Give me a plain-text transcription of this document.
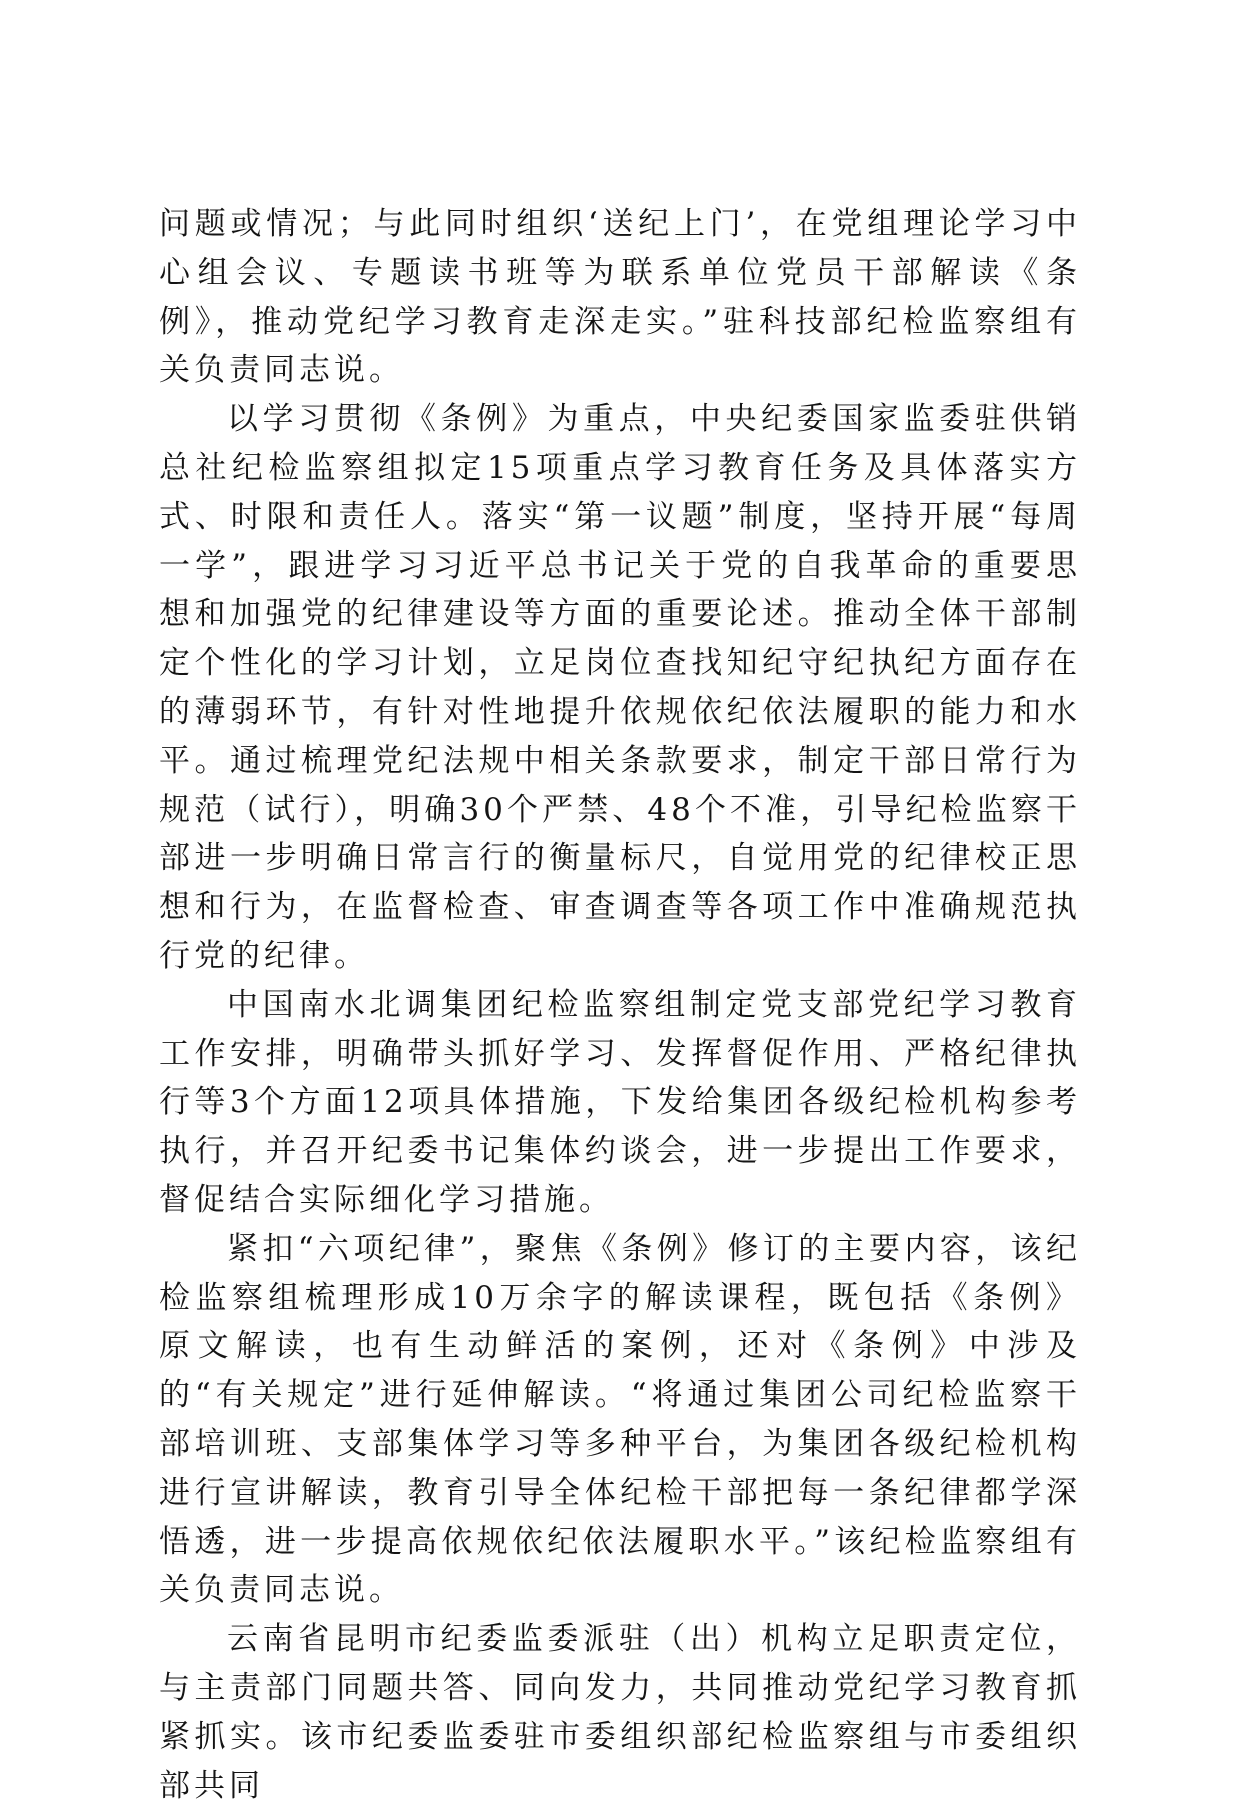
问题或情况；与此同时组织‘送纪上门’，在党组理论学习中心组会议、专题读书班等为联系单位党员干部解读《条例》，推动党纪学习教育走深走实。”驻科技部纪检监察组有关负责同志说。

以学习贯彻《条例》为重点，中央纪委国家监委驻供销总社纪检监察组拟定15项重点学习教育任务及具体落实方式、时限和责任人。落实“第一议题”制度，坚持开展“每周一学”，跟进学习习近平总书记关于党的自我革命的重要思想和加强党的纪律建设等方面的重要论述。推动全体干部制定个性化的学习计划，立足岗位查找知纪守纪执纪方面存在的薄弱环节，有针对性地提升依规依纪依法履职的能力和水平。通过梳理党纪法规中相关条款要求，制定干部日常行为规范（试行），明确30个严禁、48个不准，引导纪检监察干部进一步明确日常言行的衡量标尺，自觉用党的纪律校正思想和行为，在监督检查、审查调查等各项工作中准确规范执行党的纪律。

中国南水北调集团纪检监察组制定党支部党纪学习教育工作安排，明确带头抓好学习、发挥督促作用、严格纪律执行等3个方面12项具体措施，下发给集团各级纪检机构参考执行，并召开纪委书记集体约谈会，进一步提出工作要求，督促结合实际细化学习措施。

紧扣“六项纪律”，聚焦《条例》修订的主要内容，该纪检监察组梳理形成10万余字的解读课程，既包括《条例》原文解读，也有生动鲜活的案例，还对《条例》中涉及的“有关规定”进行延伸解读。“将通过集团公司纪检监察干部培训班、支部集体学习等多种平台，为集团各级纪检机构进行宣讲解读，教育引导全体纪检干部把每一条纪律都学深悟透，进一步提高依规依纪依法履职水平。”该纪检监察组有关负责同志说。

云南省昆明市纪委监委派驻（出）机构立足职责定位，与主责部门同题共答、同向发力，共同推动党纪学习教育抓紧抓实。该市纪委监委驻市委组织部纪检监察组与市委组织部共同
